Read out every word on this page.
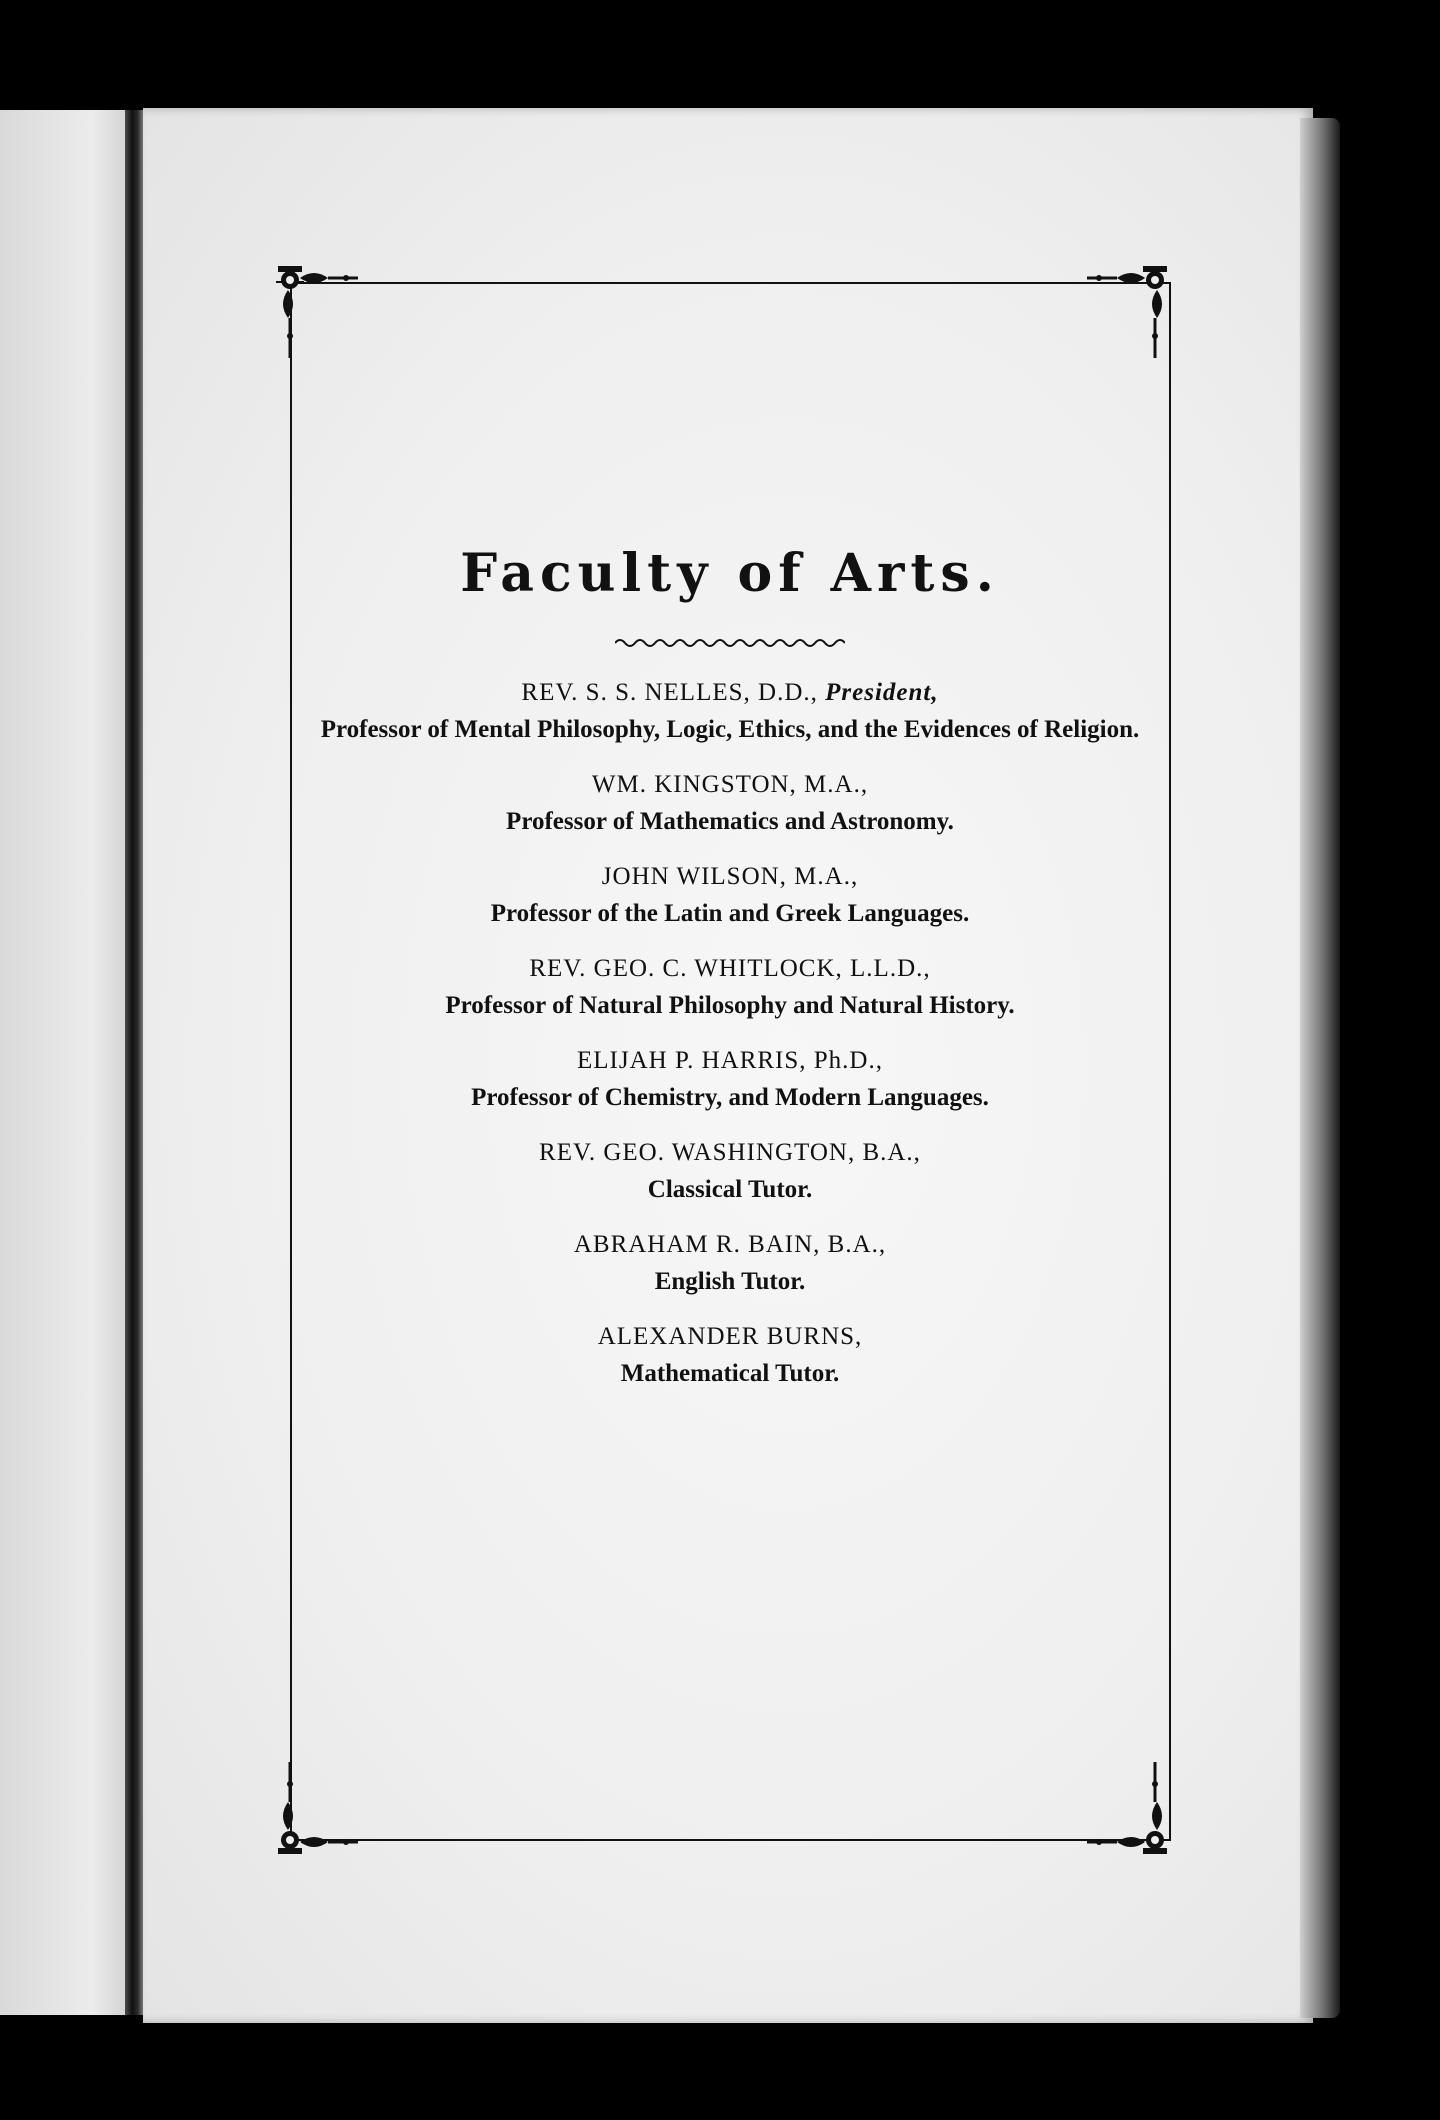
Faculty of Arts.
REV. S. S. NELLES, D.D., President,
Professor of Mental Philosophy, Logic, Ethics, and the Evidences of Religion.
WM. KINGSTON, M.A.,
Professor of Mathematics and Astronomy.
JOHN WILSON, M.A.,
Professor of the Latin and Greek Languages.
REV. GEO. C. WHITLOCK, L.L.D.,
Professor of Natural Philosophy and Natural History.
ELIJAH P. HARRIS, Ph.D.,
Professor of Chemistry, and Modern Languages.
REV. GEO. WASHINGTON, B.A.,
Classical Tutor.
ABRAHAM R. BAIN, B.A.,
English Tutor.
ALEXANDER BURNS,
Mathematical Tutor.
